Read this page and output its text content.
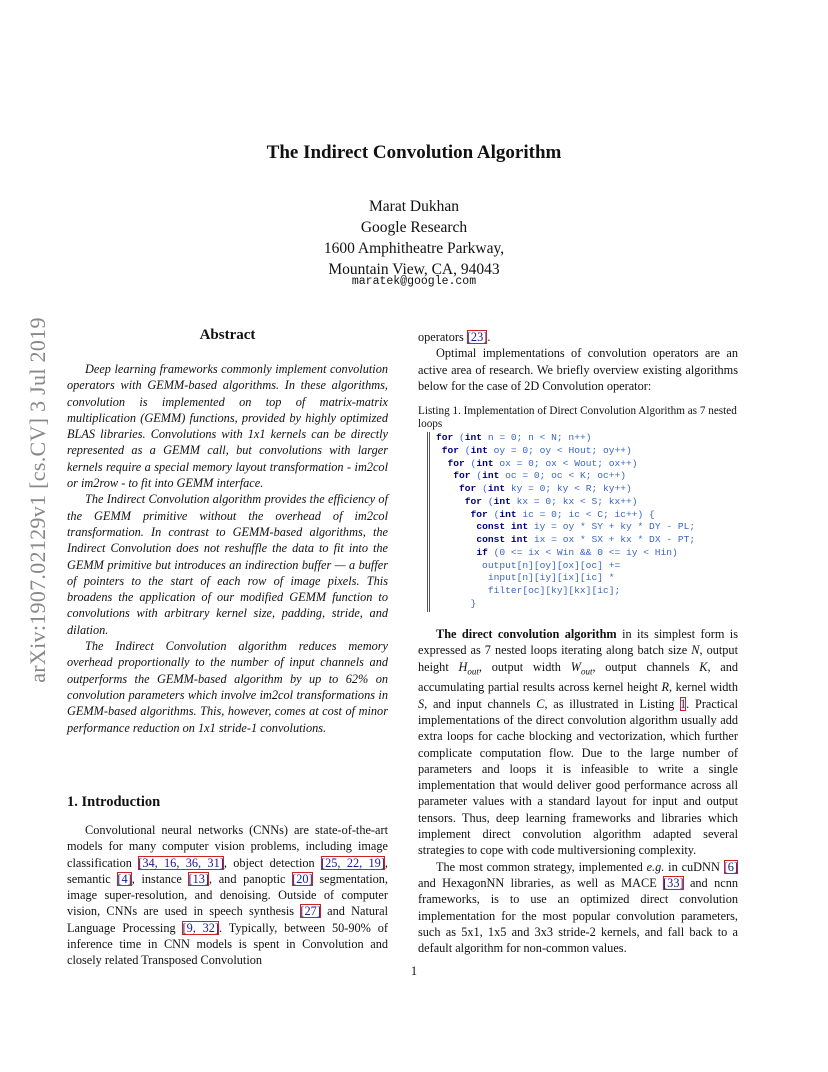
arXiv:1907.02129v1 [cs.CV] 3 Jul 2019
The Indirect Convolution Algorithm
Marat Dukhan
Google Research
1600 Amphitheatre Parkway,
Mountain View, CA, 94043
maratek@google.com
Abstract

Deep learning frameworks commonly implement convolution operators with GEMM-based algorithms. In these algorithms, convolution is implemented on top of matrix-matrix multiplication (GEMM) functions, provided by highly optimized BLAS libraries. Convolutions with 1x1 kernels can be directly represented as a GEMM call, but convolutions with larger kernels require a special memory layout transformation - im2col or im2row - to fit into GEMM interface.

The Indirect Convolution algorithm provides the efficiency of the GEMM primitive without the overhead of im2col transformation. In contrast to GEMM-based algorithms, the Indirect Convolution does not reshuffle the data to fit into the GEMM primitive but introduces an indirection buffer — a buffer of pointers to the start of each row of image pixels. This broadens the application of our modified GEMM function to convolutions with arbitrary kernel size, padding, stride, and dilation.

The Indirect Convolution algorithm reduces memory overhead proportionally to the number of input channels and outperforms the GEMM-based algorithm by up to 62% on convolution parameters which involve im2col transformations in GEMM-based algorithms. This, however, comes at cost of minor performance reduction on 1x1 stride-1 convolutions.

1. Introduction

Convolutional neural networks (CNNs) are state-of-the-art models for many computer vision problems, including image classification [34, 16, 36, 31], object detection [25, 22, 19], semantic [4], instance [13], and panoptic [20] segmentation, image super-resolution, and denoising. Outside of computer vision, CNNs are used in speech synthesis [27] and Natural Language Processing [9, 32]. Typically, between 50-90% of inference time in CNN models is spent in Convolution and closely related Transposed Convolution

operators [23].

Optimal implementations of convolution operators are an active area of research. We briefly overview existing algorithms below for the case of 2D Convolution operator:

Listing 1. Implementation of Direct Convolution Algorithm as 7 nested loops
for (int n = 0; n < N; n++)
for (int oy = 0; oy < Hout; oy++)
for (int ox = 0; ox < Wout; ox++)
for (int oc = 0; oc < K; oc++)
for (int ky = 0; ky < R; ky++)
for (int kx = 0; kx < S; kx++)
for (int ic = 0; ic < C; ic++) {
const int iy = oy * SY + ky * DY - PL;
const int ix = ox * SX + kx * DX - PT;
if (0 <= ix < Win && 0 <= iy < Hin)
output[n][oy][ox][oc] +=
input[n][iy][ix][ic] *
filter[oc][ky][kx][ic];
}

The direct convolution algorithm in its simplest form is expressed as 7 nested loops iterating along batch size N, output height $H_{out}$, output width $W_{out}$, output channels K, and accumulating partial results across kernel height R, kernel width S, and input channels C, as illustrated in Listing 1. Practical implementations of the direct convolution algorithm usually add extra loops for cache blocking and vectorization, which further complicate computation flow. Due to the large number of parameters and loops it is infeasible to write a single implementation that would deliver good performance across all parameter values with a standard layout for input and output tensors. Thus, deep learning frameworks and libraries which implement direct convolution algorithm adapted several strategies to cope with code multiversioning complexity.

The most common strategy, implemented e.g. in cuDNN [6] and HexagonNN libraries, as well as MACE [33] and ncnn frameworks, is to use an optimized direct convolution implementation for the most popular convolution parameters, such as 5x1, 1x5 and 3x3 stride-2 kernels, and fall back to a default algorithm for non-common values.

1
